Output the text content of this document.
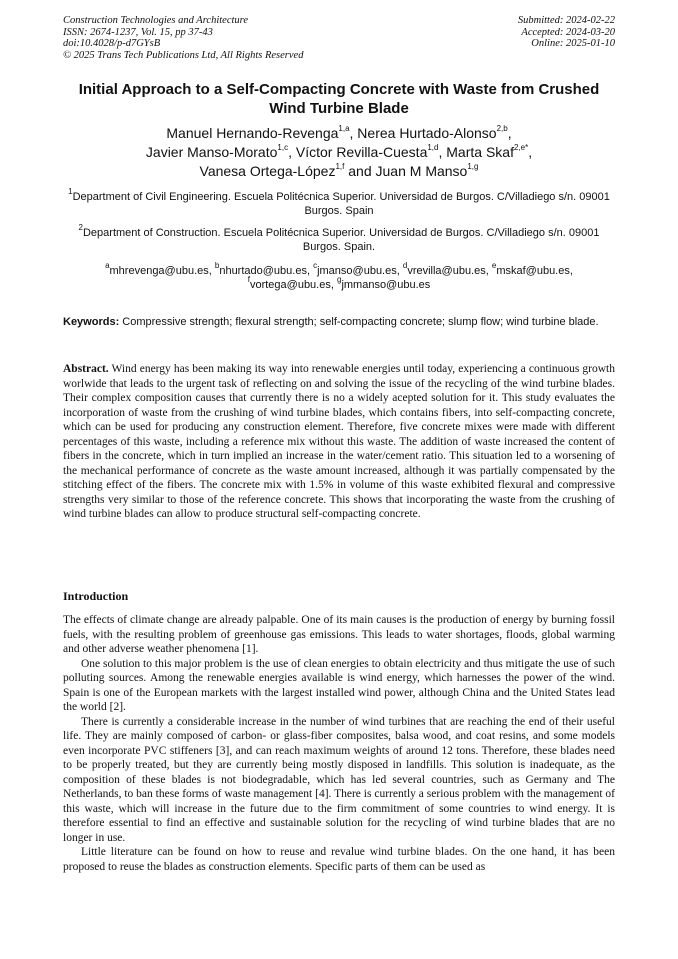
Construction Technologies and Architecture
ISSN: 2674-1237, Vol. 15, pp 37-43
doi:10.4028/p-d7GYsB
© 2025 Trans Tech Publications Ltd, All Rights Reserved
Submitted: 2024-02-22
Accepted: 2024-03-20
Online: 2025-01-10
Initial Approach to a Self-Compacting Concrete with Waste from Crushed Wind Turbine Blade
Manuel Hernando-Revenga$^{1,a}$, Nerea Hurtado-Alonso$^{2,b}$,
Javier Manso-Morato$^{1,c}$, Víctor Revilla-Cuesta$^{1,d}$, Marta Skaf$^{2,e*}$,
Vanesa Ortega-López$^{1,f}$ and Juan M Manso$^{1,g}$
$^1$Department of Civil Engineering. Escuela Politécnica Superior. Universidad de Burgos. C/Villadiego s/n. 09001 Burgos. Spain
$^2$Department of Construction. Escuela Politécnica Superior. Universidad de Burgos. C/Villadiego s/n. 09001 Burgos. Spain.
$^a$mhrevenga@ubu.es, $^b$nhurtado@ubu.es, $^c$jmanso@ubu.es, $^d$vrevilla@ubu.es, $^e$mskaf@ubu.es,
$^f$vortega@ubu.es, $^g$jmmanso@ubu.es
Keywords: Compressive strength; flexural strength; self-compacting concrete; slump flow; wind turbine blade.
Abstract. Wind energy has been making its way into renewable energies until today, experiencing a continuous growth worlwide that leads to the urgent task of reflecting on and solving the issue of the recycling of the wind turbine blades. Their complex composition causes that currently there is no a widely acepted solution for it. This study evaluates the incorporation of waste from the crushing of wind turbine blades, which contains fibers, into self-compacting concrete, which can be used for producing any construction element. Therefore, five concrete mixes were made with different percentages of this waste, including a reference mix without this waste. The addition of waste increased the content of fibers in the concrete, which in turn implied an increase in the water/cement ratio. This situation led to a worsening of the mechanical performance of concrete as the waste amount increased, although it was partially compensated by the stitching effect of the fibers. The concrete mix with 1.5% in volume of this waste exhibited flexural and compressive strengths very similar to those of the reference concrete. This shows that incorporating the waste from the crushing of wind turbine blades can allow to produce structural self-compacting concrete.
Introduction

The effects of climate change are already palpable. One of its main causes is the production of energy by burning fossil fuels, with the resulting problem of greenhouse gas emissions. This leads to water shortages, floods, global warming and other adverse weather phenomena [1].

One solution to this major problem is the use of clean energies to obtain electricity and thus mitigate the use of such polluting sources. Among the renewable energies available is wind energy, which harnesses the power of the wind. Spain is one of the European markets with the largest installed wind power, although China and the United States lead the world [2].

There is currently a considerable increase in the number of wind turbines that are reaching the end of their useful life. They are mainly composed of carbon- or glass-fiber composites, balsa wood, and coat resins, and some models even incorporate PVC stiffeners [3], and can reach maximum weights of around 12 tons. Therefore, these blades need to be properly treated, but they are currently being mostly disposed in landfills. This solution is inadequate, as the composition of these blades is not biodegradable, which has led several countries, such as Germany and The Netherlands, to ban these forms of waste management [4]. There is currently a serious problem with the management of this waste, which will increase in the future due to the firm commitment of some countries to wind energy. It is therefore essential to find an effective and sustainable solution for the recycling of wind turbine blades that are no longer in use.

Little literature can be found on how to reuse and revalue wind turbine blades. On the one hand, it has been proposed to reuse the blades as construction elements. Specific parts of them can be used as
